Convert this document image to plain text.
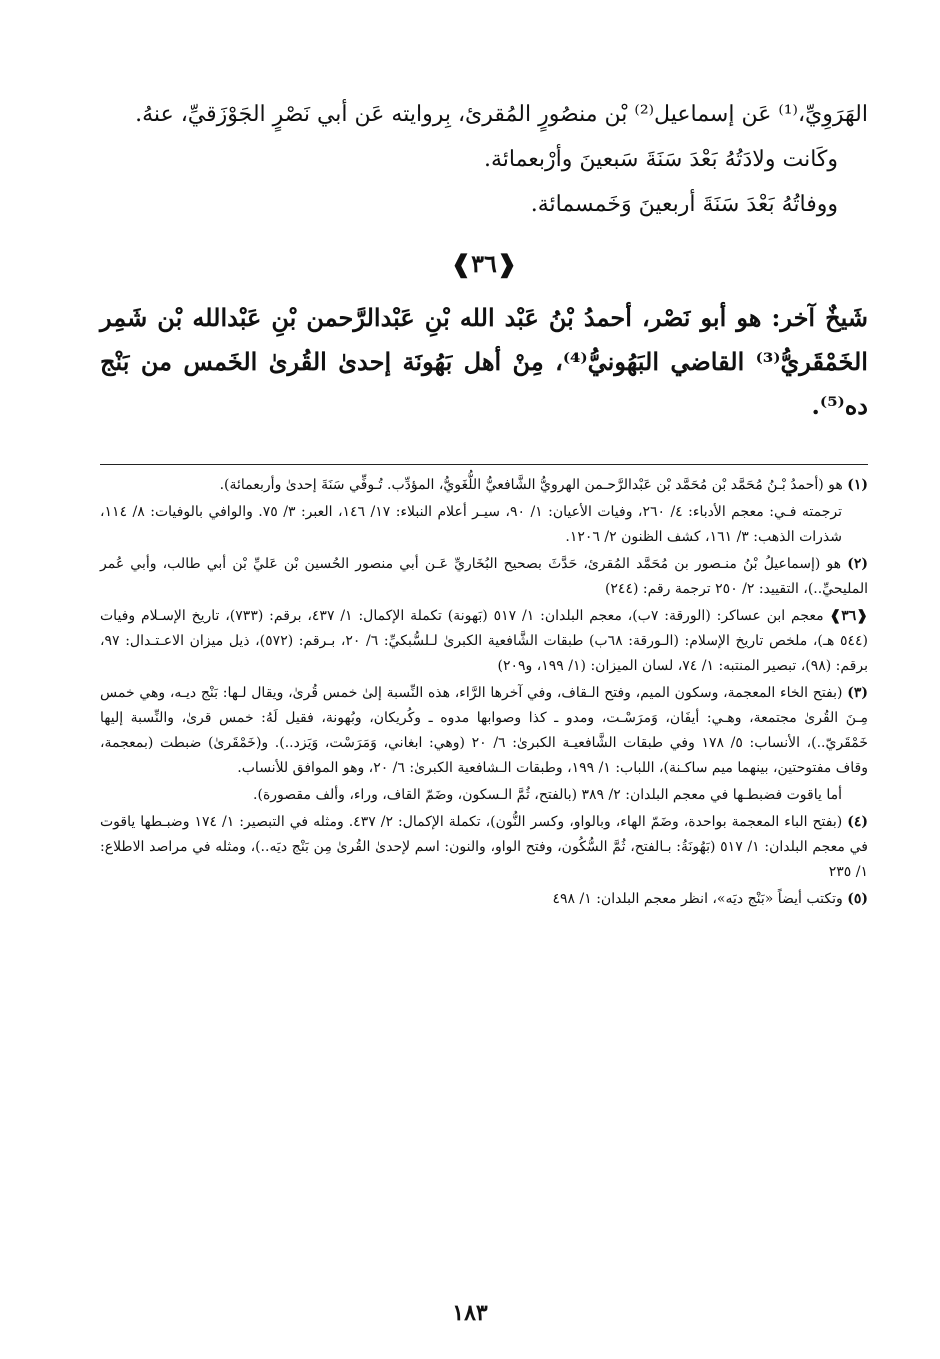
الهَرَوِيِّ،⁽¹⁾ عَن إسماعيل⁽²⁾ بْن منصُورٍ المُقرئ، بِروايته عَن أبي نَصْرٍ الجَوْزَقيِّ، عنهُ.

وكَانت ولادَتُهُ بَعْدَ سَنَةَ سَبعينَ وأرْبعمائة.

ووفاتُهُ بَعْدَ سَنَةَ أربعينَ وَخَمسمائة.

❰٣٦❱

شَيخٌ آخر: هو أبو نَصْر، أحمدُ بْنُ عَبْد الله بْنِ عَبْدالرَّحمن بْنِ عَبْدالله بْن شَمِر الخَمْقَريُّ⁽³⁾ القاضي البَهُونيُّ⁽⁴⁾، مِنْ أهل بَهُونَة إحدىٰ القُرىٰ الخَمس من بَنْج ده⁽⁵⁾.

(١) هو (أحمدُ بْـنُ مُحَمَّد بْن مُحَمَّد بْن عَبْدالرَّحـمن الهرويُّ الشَّافعيُّ اللُّغَويُّ، المؤدِّب. تُـوفِّي سَنَةَ إحدىٰ وأربعمائة).

ترجمته فـي: معجم الأدباء: ٤/ ٢٦٠، وفيات الأعيان: ١/ ٩٠، سيـر أعلام النبلاء: ١٧/ ١٤٦، العبر: ٣/ ٧٥. والوافي بالوفيات: ٨/ ١١٤، شذرات الذهب: ٣/ ١٦١، كشف الظنون ٢/ ١٢٠٦.

(٢) هو (إسماعيلُ بْنُ منـصور بن مُحَمَّد المُقرئ، حَدَّثَ بصحيح البُخَاريِّ عَـن أبي منصور الحُسين بْن عَليِّ بْن أبي طالب، وأبي عُمر المليحيِّ..)، التقييد: ٢/ ٢٥٠ ترجمة رقم: (٢٤٤)

❰٣٦❱ معجم ابن عساكر: (الورقة: ٧ب)، معجم البلدان: ١/ ٥١٧ (بَهونة) تكملة الإكمال: ١/ ٤٣٧، برقم: (٧٣٣)، تاريخ الإسـلام وفيات (٥٤٤ هـ)، ملخص تاريخ الإسلام: (الـورقة: ٦٨ب) طبقات الشَّافعية الكبرىٰ لـلسُّبكيِّ: ٦/ ٢٠، بـرقم: (٥٧٢)، ذيل ميزان الاعـتـدال: ٩٧، برقم: (٩٨)، تبصير المنتبه: ١/ ٧٤، لسان الميزان: (١/ ١٩٩، و٢٠٩)

(٣) (بفتح الخاء المعجمة، وسكون الميم، وفتح الـقاف، وفي آخرها الرَّاء، هذه النِّسبة إلىٰ خمس قُرىٰ، ويقال لـها: بَنْج ديـه، وهي خمس مِـنَ القُرىٰ مجتمعة، وهـي: أيفَان، وَمرَسْـت، ومدو ـ كذا وصوابها مدوه ـ وكُريكان، وبُهونة، فقيل لَهُ: خمس قرىٰ، والنِّسبة إليها خَمْقَريّ..)، الأنساب: ٥/ ١٧٨ وفي طبقات الشَّافعيـة الكبرىٰ: ٦/ ٢٠ (وهي: ابغاني، وَمَرَسْت، وَيَزد..). و(خَمْقَرىٰ) ضبطت (بمعجمة، وقاف مفتوحتين، بينهما ميم ساكـنة)، اللباب: ١/ ١٩٩، وطبقات الـشافعية الكبرىٰ: ٦/ ٢٠، وهو الموافق للأنساب.

أما ياقوت فضبطـها في معجم البلدان: ٢/ ٣٨٩ (بالفتح، ثُمَّ الـسكون، وضَمّ القاف، وراء، وألف مقصورة).

(٤) (بفتح الباء المعجمة بواحدة، وضَمّ الهاء، وبالواو، وكسر النُّون)، تكملة الإكمال: ٢/ ٤٣٧. ومثله في التبصير: ١/ ١٧٤ وضبـطها ياقوت في معجم البلدان: ١/ ٥١٧ (بَهُونَةُ: بـالفتح، ثُمَّ السُّكُون، وفتح الواو، والنون: اسم لإحدىٰ القُرىٰ مِن بَنْج ديَه..)، ومثله في مراصد الاطلاع: ١/ ٢٣٥

(٥) وتكتب أيضاً «بَنْج ديَه»، انظر معجم البلدان: ١/ ٤٩٨

١٨٣
